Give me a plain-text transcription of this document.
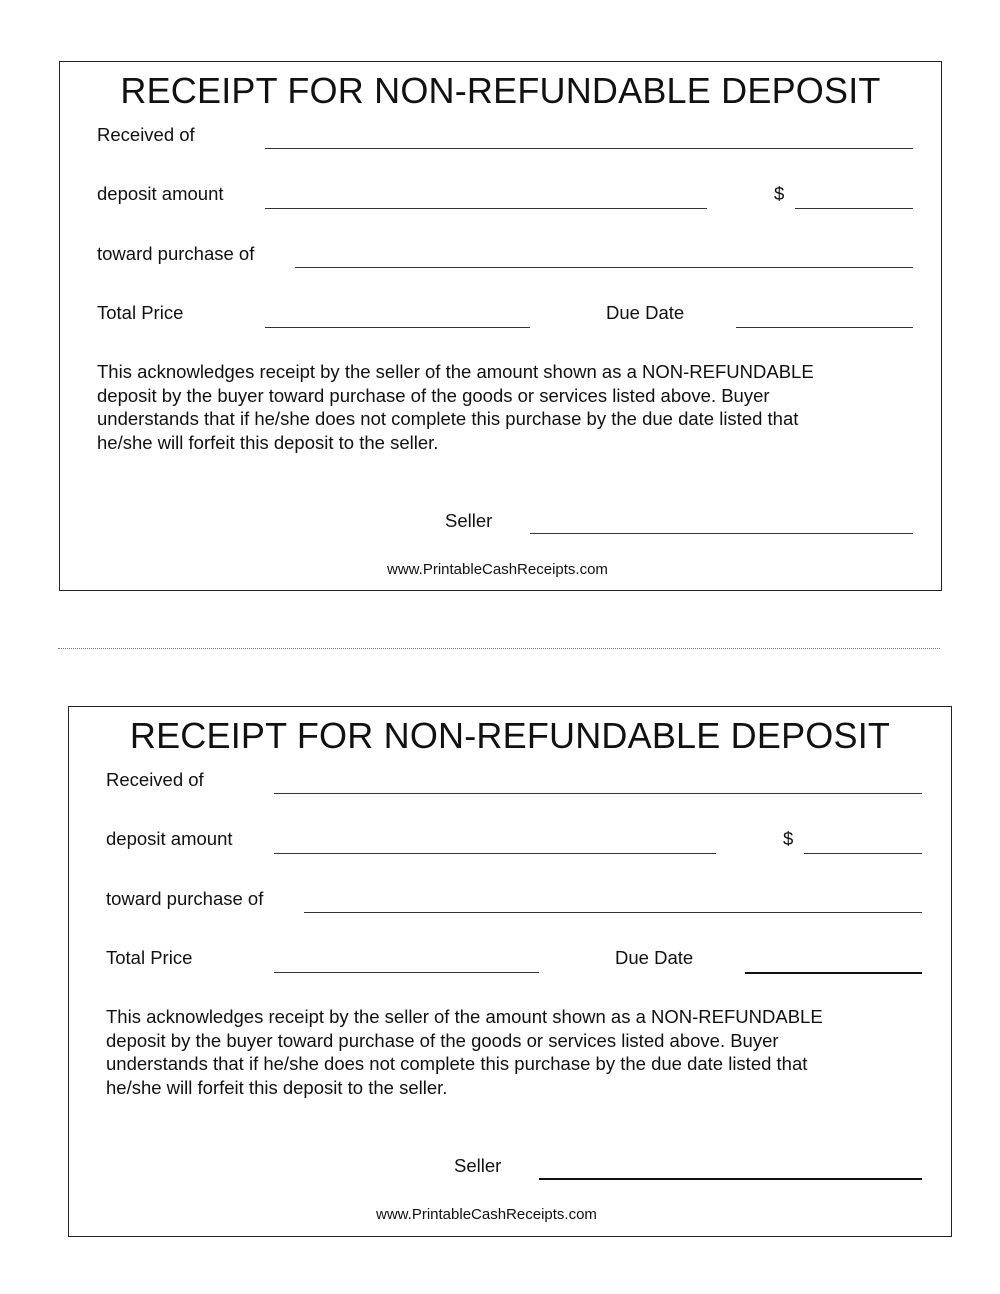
RECEIPT FOR NON-REFUNDABLE DEPOSIT
Received of
deposit amount	$
toward purchase of
Total Price	Due Date

This acknowledges receipt by the seller of the amount shown as a NON-REFUNDABLE
deposit by the buyer toward purchase of the goods or services listed above. Buyer
understands that if he/she does not complete this purchase by the due date listed that
he/she will forfeit this deposit to the seller.

Seller
www.PrintableCashReceipts.com
RECEIPT FOR NON-REFUNDABLE DEPOSIT
Received of
deposit amount	$
toward purchase of
Total Price	Due Date

This acknowledges receipt by the seller of the amount shown as a NON-REFUNDABLE
deposit by the buyer toward purchase of the goods or services listed above. Buyer
understands that if he/she does not complete this purchase by the due date listed that
he/she will forfeit this deposit to the seller.

Seller
www.PrintableCashReceipts.com
